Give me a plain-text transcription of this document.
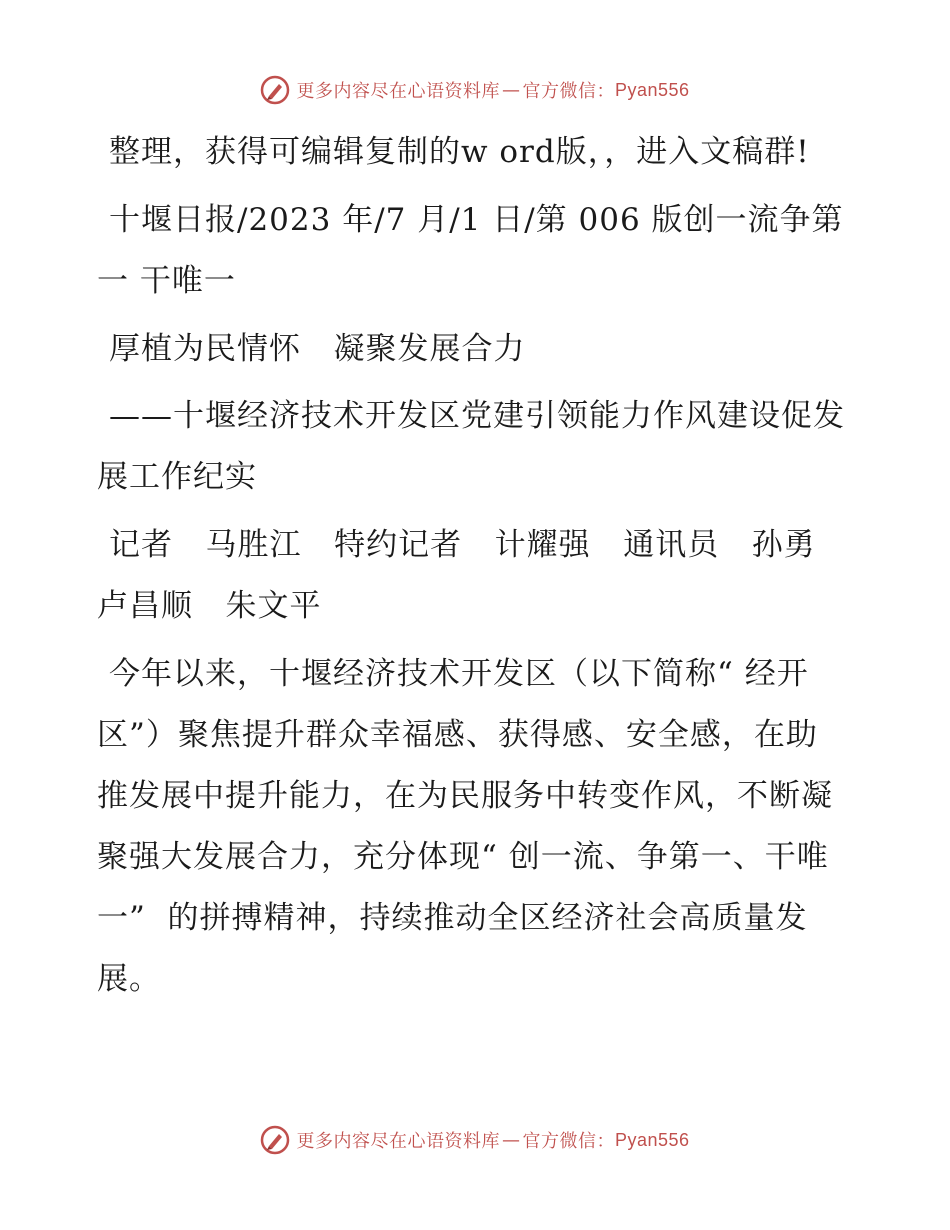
更多内容尽在心语资料库 — 官方微信： Pyan556

整理，获得可编辑复制的w ord版，，进入文稿群!

十堰日报/2023 年/7 月/1 日/第 006 版创一流争第一 干唯一

厚植为民情怀   凝聚发展合力

——十堰经济技术开发区党建引领能力作风建设促发展工作纪实

记者   马胜江   特约记者   计耀强   通讯员   孙勇   卢昌顺   朱文平

今年以来，十堰经济技术开发区（以下简称“ 经开区”）聚焦提升群众幸福感、获得感、安全感，在助推发展中提升能力，在为民服务中转变作风，不断凝聚强大发展合力，充分体现“ 创一流、争第一、干唯一”  的拼搏精神，持续推动全区经济社会高质量发展。

更多内容尽在心语资料库 — 官方微信： Pyan556
